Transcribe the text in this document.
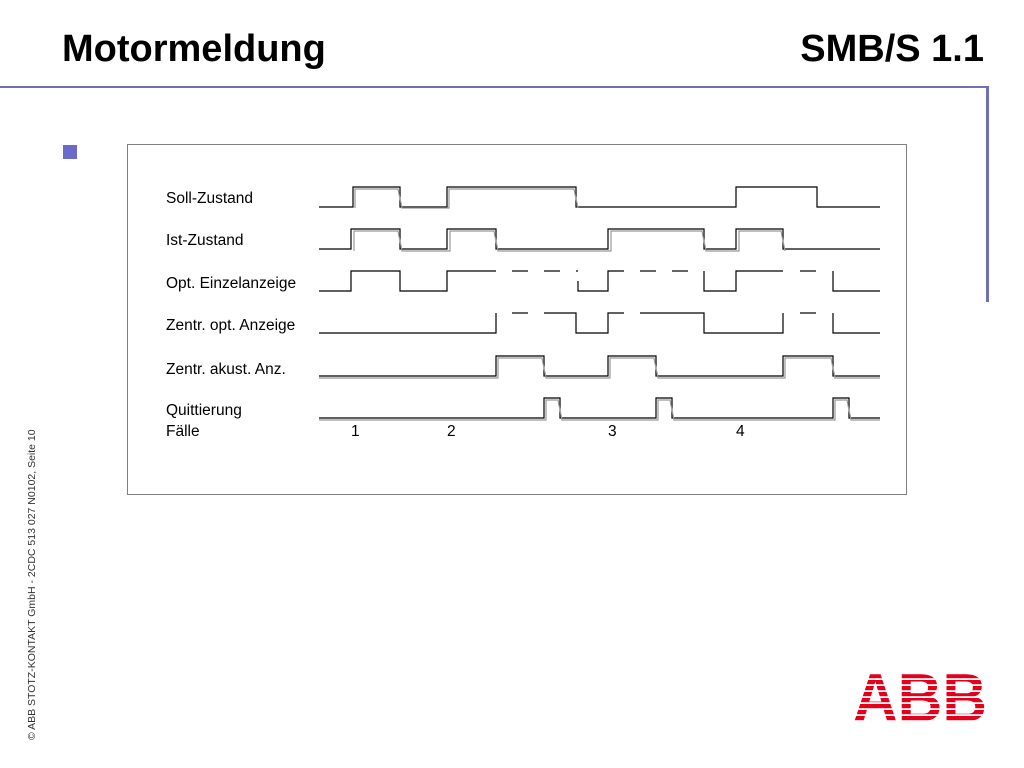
Motormeldung	SMB/S 1.1
Soll-Zustand
Ist-Zustand
Opt. Einzelanzeige
Zentr. opt. Anzeige
Zentr. akust. Anz.
Quittierung
Fälle	1	2	3	4
© ABB STOTZ-KONTAKT GmbH - 2CDC 513 027 N0102, Seite 10	ABB
